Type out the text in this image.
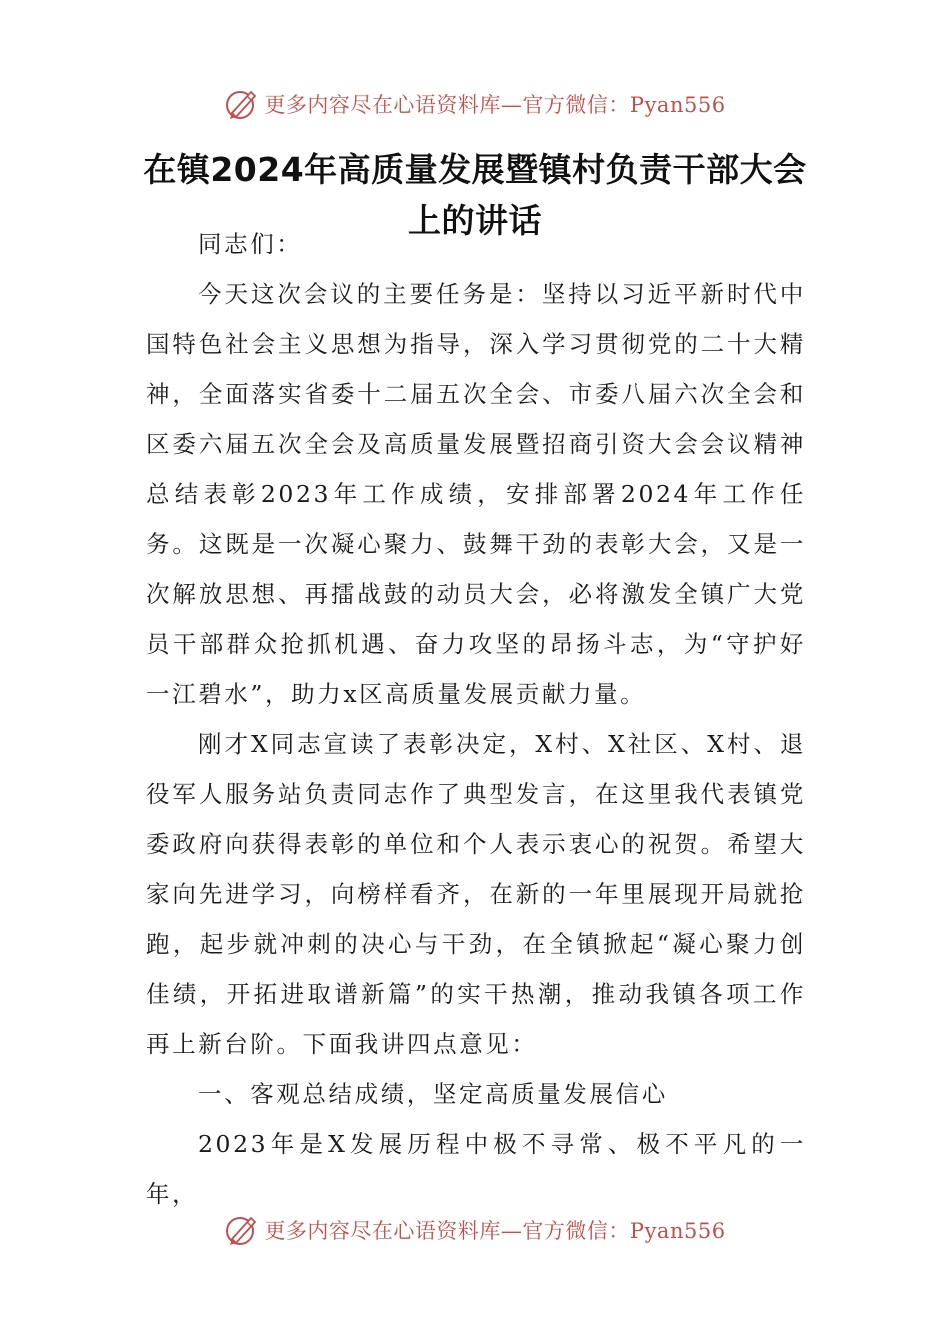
更多内容尽在心语资料库—官方微信：Pyan556
在镇2024年高质量发展暨镇村负责干部大会上的讲话

同志们：

今天这次会议的主要任务是：坚持以习近平新时代中国特色社会主义思想为指导，深入学习贯彻党的二十大精神，全面落实省委十二届五次全会、市委八届六次全会和区委六届五次全会及高质量发展暨招商引资大会会议精神总结表彰2023年工作成绩，安排部署2024年工作任务。这既是一次凝心聚力、鼓舞干劲的表彰大会，又是一次解放思想、再擂战鼓的动员大会，必将激发全镇广大党员干部群众抢抓机遇、奋力攻坚的昂扬斗志，为“守护好一江碧水”，助力x区高质量发展贡献力量。

刚才X同志宣读了表彰决定，X村、X社区、X村、退役军人服务站负责同志作了典型发言，在这里我代表镇党委政府向获得表彰的单位和个人表示衷心的祝贺。希望大家向先进学习，向榜样看齐，在新的一年里展现开局就抢跑，起步就冲刺的决心与干劲，在全镇掀起“凝心聚力创佳绩，开拓进取谱新篇”的实干热潮，推动我镇各项工作再上新台阶。下面我讲四点意见：

一、客观总结成绩，坚定高质量发展信心

2023年是X发展历程中极不寻常、极不平凡的一年，

更多内容尽在心语资料库—官方微信：Pyan556
